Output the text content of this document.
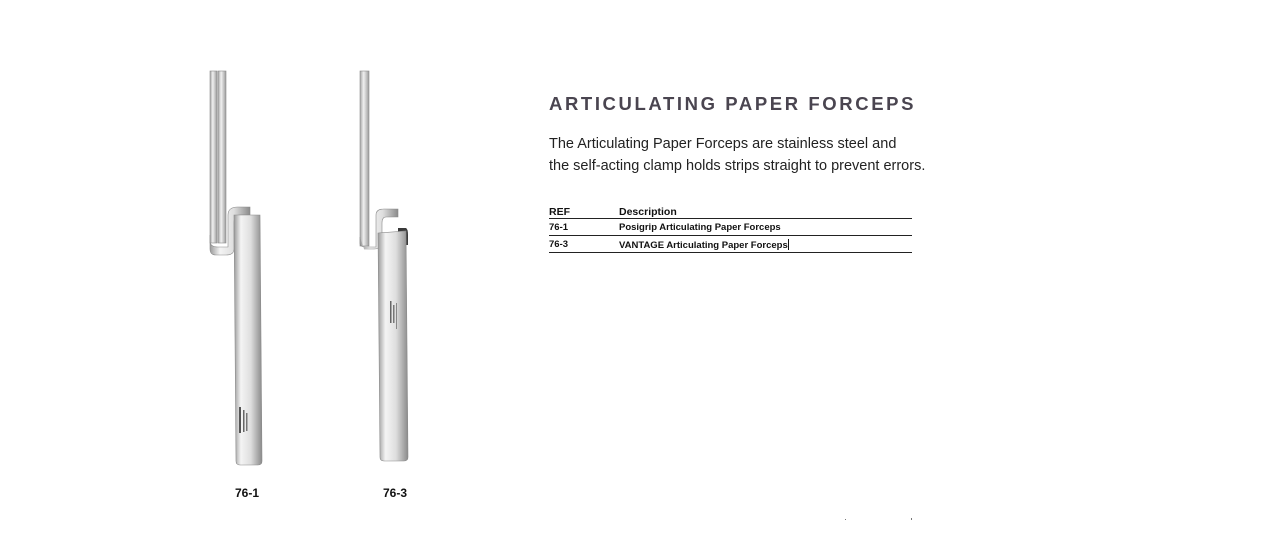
76-1	76-3
ARTICULATING PAPER FORCEPS

The Articulating Paper Forceps are stainless steel and
the self-acting clamp holds strips straight to prevent errors.

REF	Description
76-1	Posigrip Articulating Paper Forceps
76-3	VANTAGE Articulating Paper Forceps
